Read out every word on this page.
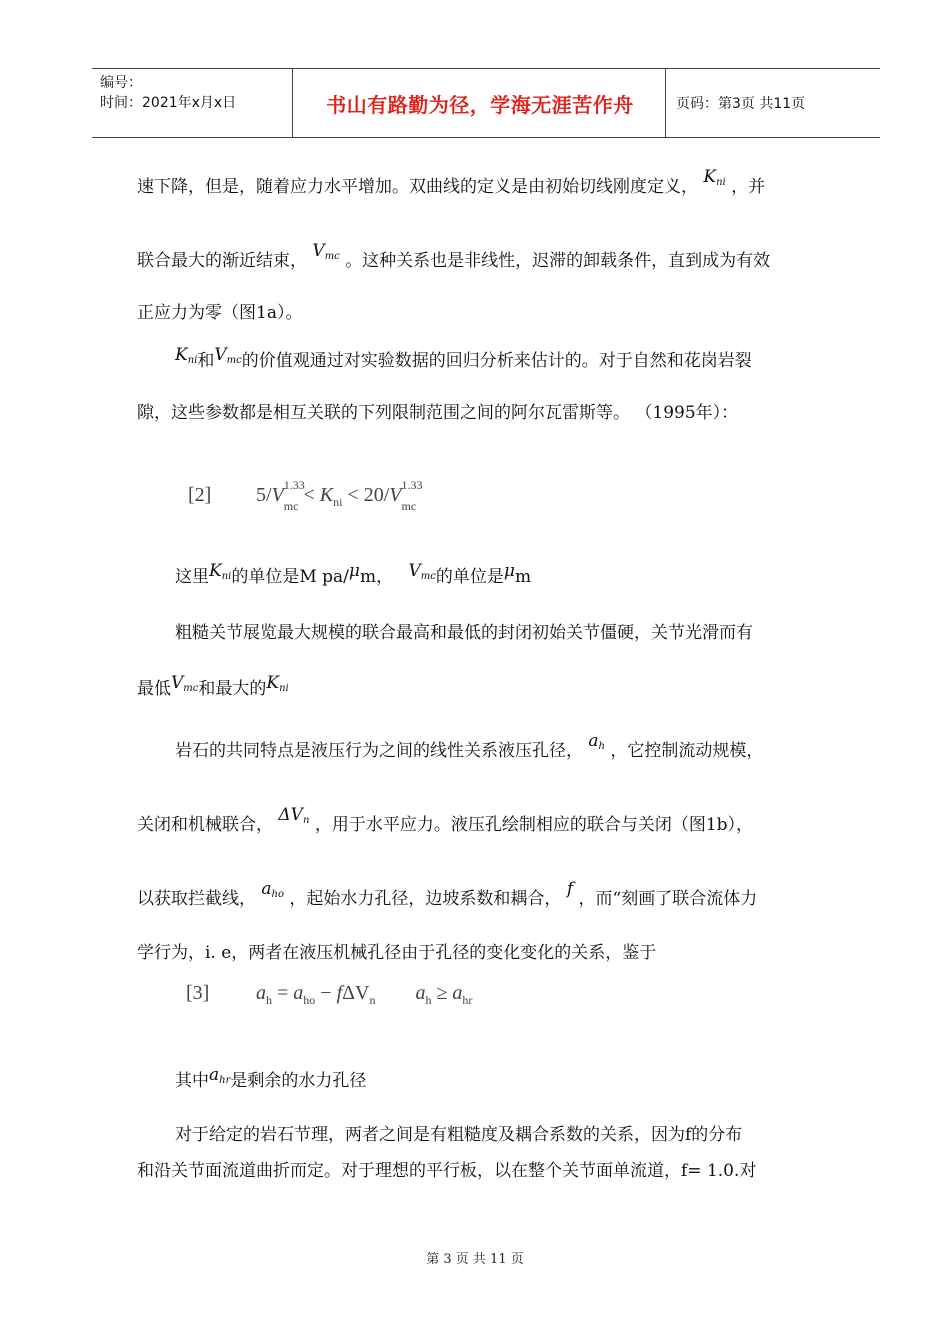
编号：
时间：2021年x月x日	书山有路勤为径，学海无涯苦作舟	页码：第3页 共11页
速下降，但是，随着应力水平增加。双曲线的定义是由初始切线刚度定义， $K_{ni}$ ，并
联合最大的渐近结束， $V_{mc}$ 。这种关系也是非线性，迟滞的卸载条件，直到成为有效
正应力为零（图1a）。
$K_{ni}$和$V_{mc}$的价值观通过对实验数据的回归分析来估计的。对于自然和花岗岩裂
隙，这些参数都是相互关联的下列限制范围之间的阿尔瓦雷斯等。 （1995年）：
[2] 5/V 1.33
$_{mc} < K_{ni} < 20/V$ 1.33
$_{mc}$
这里$K_{ni}$的单位是M pa/μm， $V_{mc}$的单位是μm
粗糙关节展览最大规模的联合最高和最低的封闭初始关节僵硬，关节光滑而有
最低$V_{mc}$和最大的$K_{ni}$
岩石的共同特点是液压行为之间的线性关系液压孔径， $a_h$ ，它控制流动规模，
关闭和机械联合， $\Delta V_n$ ，用于水平应力。液压孔绘制相应的联合与关闭（图1b），
以获取拦截线， $a_{ho}$ ，起始水力孔径，边坡系数和耦合， f ，而“刻画了联合流体力
学行为，i. e，两者在液压机械孔径由于孔径的变化变化的关系，鉴于
[3] $a_h = a_{ho} - f\Delta V_n$ $a_h \ge a_{hr}$
其中$a_{hr}$是剩余的水力孔径
对于给定的岩石节理，两者之间是有粗糙度及耦合系数的关系，因为f的分布
和沿关节面流道曲折而定。对于理想的平行板，以在整个关节面单流道，f= 1.0.对
第 3 页 共 11 页
